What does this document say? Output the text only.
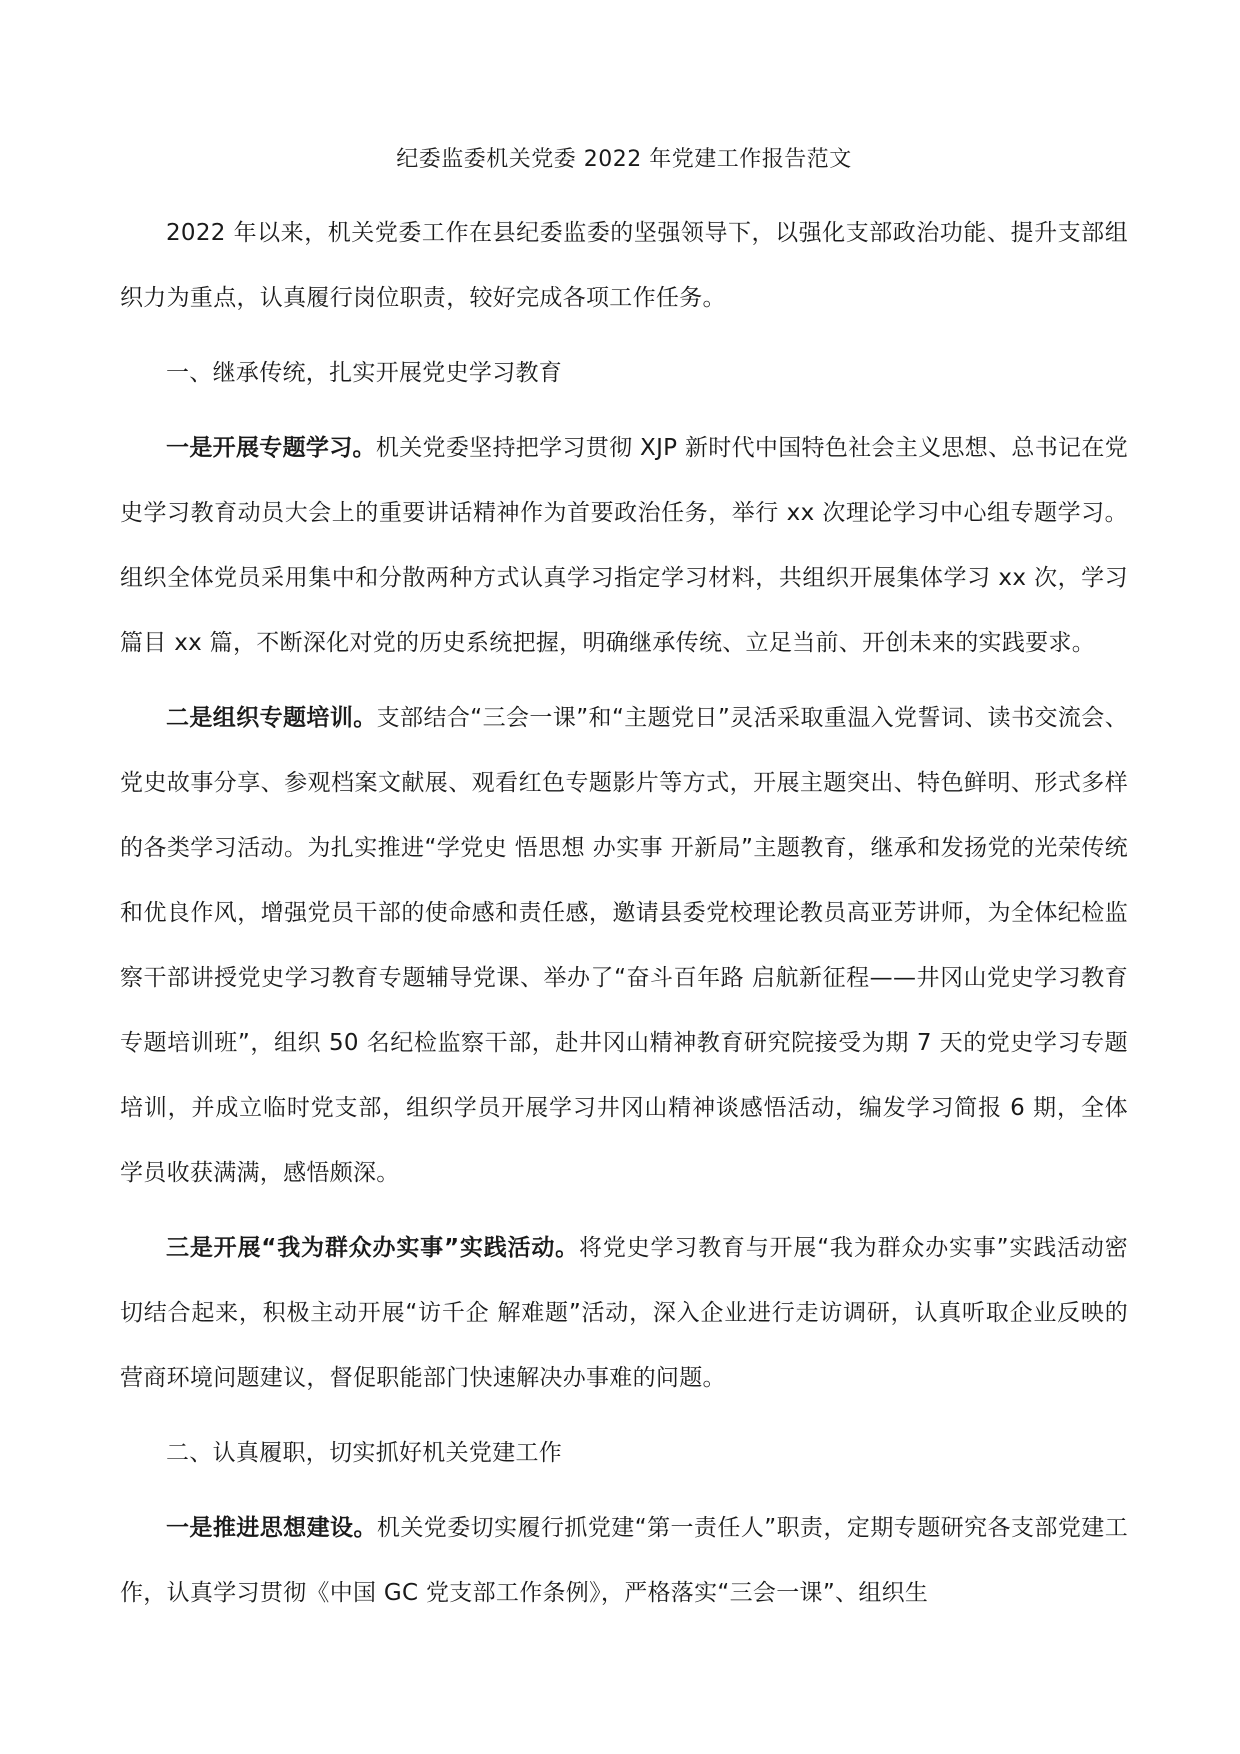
纪委监委机关党委 2022 年党建工作报告范文

2022 年以来，机关党委工作在县纪委监委的坚强领导下，以强化支部政治功能、提升支部组织力为重点，认真履行岗位职责，较好完成各项工作任务。

一、继承传统，扎实开展党史学习教育

一是开展专题学习。机关党委坚持把学习贯彻 XJP 新时代中国特色社会主义思想、总书记在党史学习教育动员大会上的重要讲话精神作为首要政治任务，举行 xx 次理论学习中心组专题学习。组织全体党员采用集中和分散两种方式认真学习指定学习材料，共组织开展集体学习 xx 次，学习篇目 xx 篇，不断深化对党的历史系统把握，明确继承传统、立足当前、开创未来的实践要求。

二是组织专题培训。支部结合“三会一课”和“主题党日”灵活采取重温入党誓词、读书交流会、党史故事分享、参观档案文献展、观看红色专题影片等方式，开展主题突出、特色鲜明、形式多样的各类学习活动。为扎实推进“学党史 悟思想 办实事 开新局”主题教育，继承和发扬党的光荣传统和优良作风，增强党员干部的使命感和责任感，邀请县委党校理论教员高亚芳讲师，为全体纪检监察干部讲授党史学习教育专题辅导党课、举办了“奋斗百年路 启航新征程——井冈山党史学习教育专题培训班”，组织 50 名纪检监察干部，赴井冈山精神教育研究院接受为期 7 天的党史学习专题培训，并成立临时党支部，组织学员开展学习井冈山精神谈感悟活动，编发学习简报 6 期，全体学员收获满满，感悟颇深。

三是开展“我为群众办实事”实践活动。将党史学习教育与开展“我为群众办实事”实践活动密切结合起来，积极主动开展“访千企 解难题”活动，深入企业进行走访调研，认真听取企业反映的营商环境问题建议，督促职能部门快速解决办事难的问题。

二、认真履职，切实抓好机关党建工作

一是推进思想建设。机关党委切实履行抓党建“第一责任人”职责，定期专题研究各支部党建工作，认真学习贯彻《中国 GC 党支部工作条例》，严格落实“三会一课”、组织生
